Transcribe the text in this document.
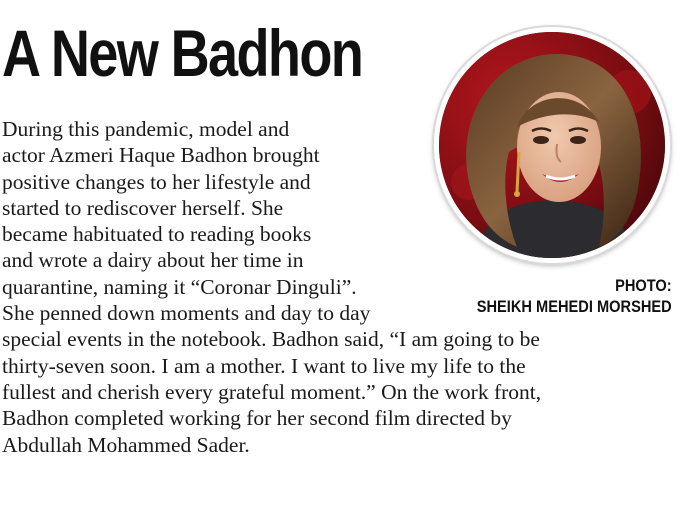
A New Badhon
PHOTO:
SHEIKH MEHEDI MORSHED
During this pandemic, model and
actor Azmeri Haque Badhon brought
positive changes to her lifestyle and
started to rediscover herself. She
became habituated to reading books
and wrote a dairy about her time in
quarantine, naming it “Coronar Dinguli”.
She penned down moments and day to day
special events in the notebook. Badhon said, “I am going to be
thirty-seven soon. I am a mother. I want to live my life to the
fullest and cherish every grateful moment.” On the work front,
Badhon completed working for her second film directed by
Abdullah Mohammed Sader.
